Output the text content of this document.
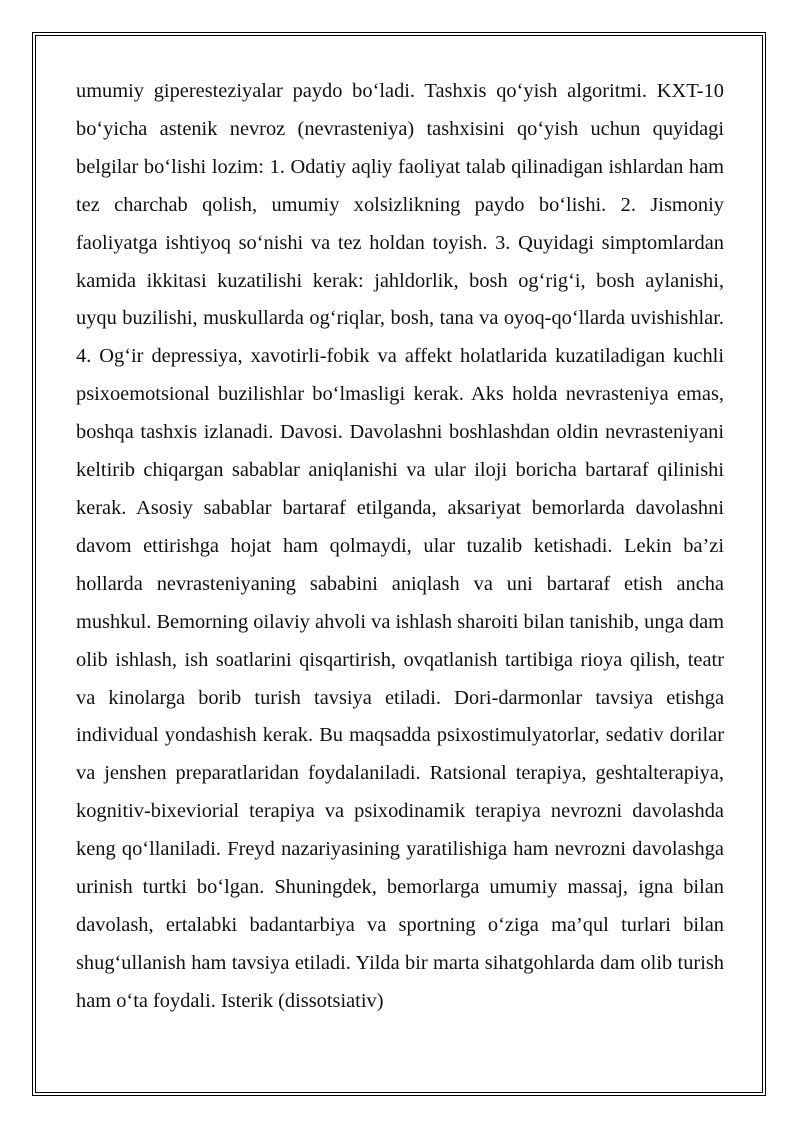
umumiy giperesteziyalar paydo bo‘ladi. Tashxis qo‘yish algoritmi. KXT-10 bo‘yicha astenik nevroz (nevrasteniya) tashxisini qo‘yish uchun quyidagi belgilar bo‘lishi lozim: 1. Odatiy aqliy faoliyat talab qilinadigan ishlardan ham tez charchab qolish, umumiy xolsizlikning paydo bo‘lishi. 2. Jismoniy faoliyatga ishtiyoq so‘nishi va tez holdan toyish. 3. Quyidagi simptomlardan kamida ikkitasi kuzatilishi kerak: jahldorlik, bosh og‘rig‘i, bosh aylanishi, uyqu buzilishi, muskullarda og‘riqlar, bosh, tana va oyoq-qo‘llarda uvishishlar. 4. Og‘ir depressiya, xavotirli-fobik va affekt holatlarida kuzatiladigan kuchli psixoemotsional buzilishlar bo‘lmasligi kerak. Aks holda nevrasteniya emas, boshqa tashxis izlanadi. Davosi. Davolashni boshlashdan oldin nevrasteniyani keltirib chiqargan sabablar aniqlanishi va ular iloji boricha bartaraf qilinishi kerak. Asosiy sabablar bartaraf etilganda, aksariyat bemorlarda davolashni davom ettirishga hojat ham qolmaydi, ular tuzalib ketishadi. Lekin ba’zi hollarda nevrasteniyaning sababini aniqlash va uni bartaraf etish ancha mushkul. Bemorning oilaviy ahvoli va ishlash sharoiti bilan tanishib, unga dam olib ishlash, ish soatlarini qisqartirish, ovqatlanish tartibiga rioya qilish, teatr va kinolarga borib turish tavsiya etiladi. Dori-darmonlar tavsiya etishga individual yondashish kerak. Bu maqsadda psixostimulyatorlar, sedativ dorilar va jenshen preparatlaridan foydalaniladi. Ratsional terapiya, geshtalterapiya, kognitiv-bixeviorial terapiya va psixodinamik terapiya nevrozni davolashda keng qo‘llaniladi. Freyd nazariyasining yaratilishiga ham nevrozni davolashga urinish turtki bo‘lgan. Shuningdek, bemorlarga umumiy massaj, igna bilan davolash, ertalabki badantarbiya va sportning o‘ziga ma’qul turlari bilan shug‘ullanish ham tavsiya etiladi. Yilda bir marta sihatgohlarda dam olib turish ham o‘ta foydali. Isterik (dissotsiativ)
